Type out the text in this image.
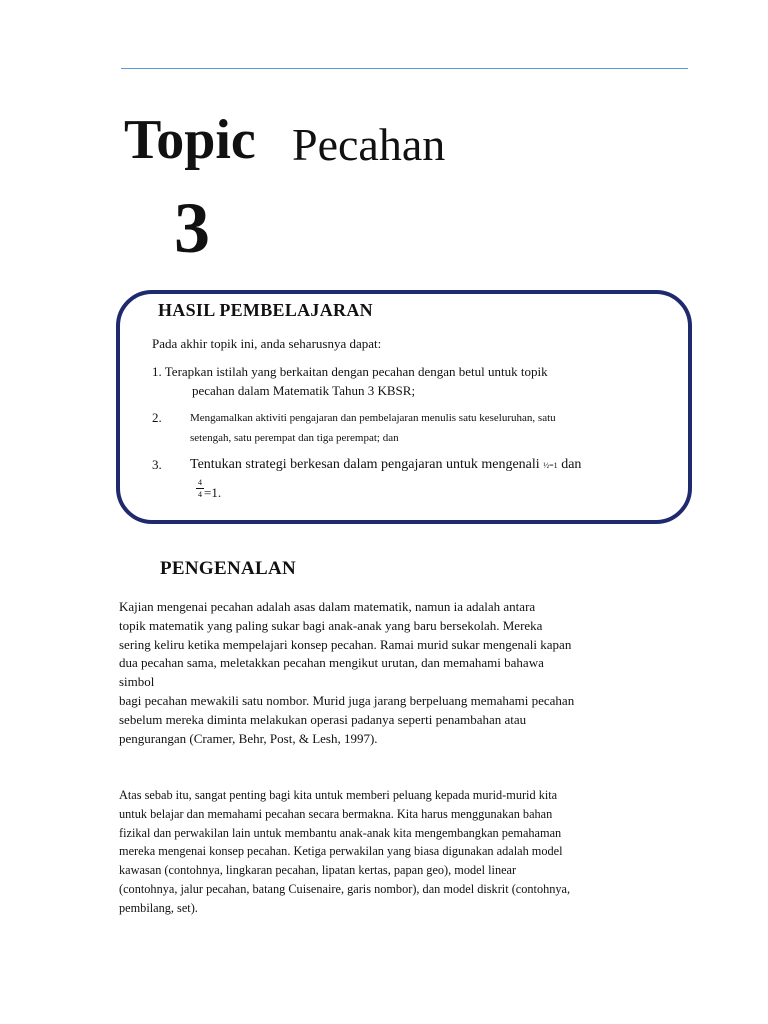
Topic Pecahan
3
HASIL PEMBELAJARAN
Pada akhir topik ini, anda seharusnya dapat:
1. Terapkan istilah yang berkaitan dengan pecahan dengan betul untuk topik
pecahan dalam Matematik Tahun 3 KBSR;
2.	Mengamalkan aktiviti pengajaran dan pembelajaran menulis satu keseluruhan, satu
setengah, satu perempat dan tiga perempat; dan
3.	Tentukan strategi berkesan dalam pengajaran untuk mengenali ½=1 dan
4
4 =1.
PENGENALAN

Kajian mengenai pecahan adalah asas dalam matematik, namun ia adalah antara

topik matematik yang paling sukar bagi anak-anak yang baru bersekolah. Mereka

sering keliru ketika mempelajari konsep pecahan. Ramai murid sukar mengenali kapan

dua pecahan sama, meletakkan pecahan mengikut urutan, dan memahami bahawa

simbol

bagi pecahan mewakili satu nombor. Murid juga jarang berpeluang memahami pecahan

sebelum mereka diminta melakukan operasi padanya seperti penambahan atau

pengurangan (Cramer, Behr, Post, & Lesh, 1997).

Atas sebab itu, sangat penting bagi kita untuk memberi peluang kepada murid-murid kita

untuk belajar dan memahami pecahan secara bermakna. Kita harus menggunakan bahan

fizikal dan perwakilan lain untuk membantu anak-anak kita mengembangkan pemahaman

mereka mengenai konsep pecahan. Ketiga perwakilan yang biasa digunakan adalah model

kawasan (contohnya, lingkaran pecahan, lipatan kertas, papan geo), model linear

(contohnya, jalur pecahan, batang Cuisenaire, garis nombor), dan model diskrit (contohnya,

pembilang, set).
